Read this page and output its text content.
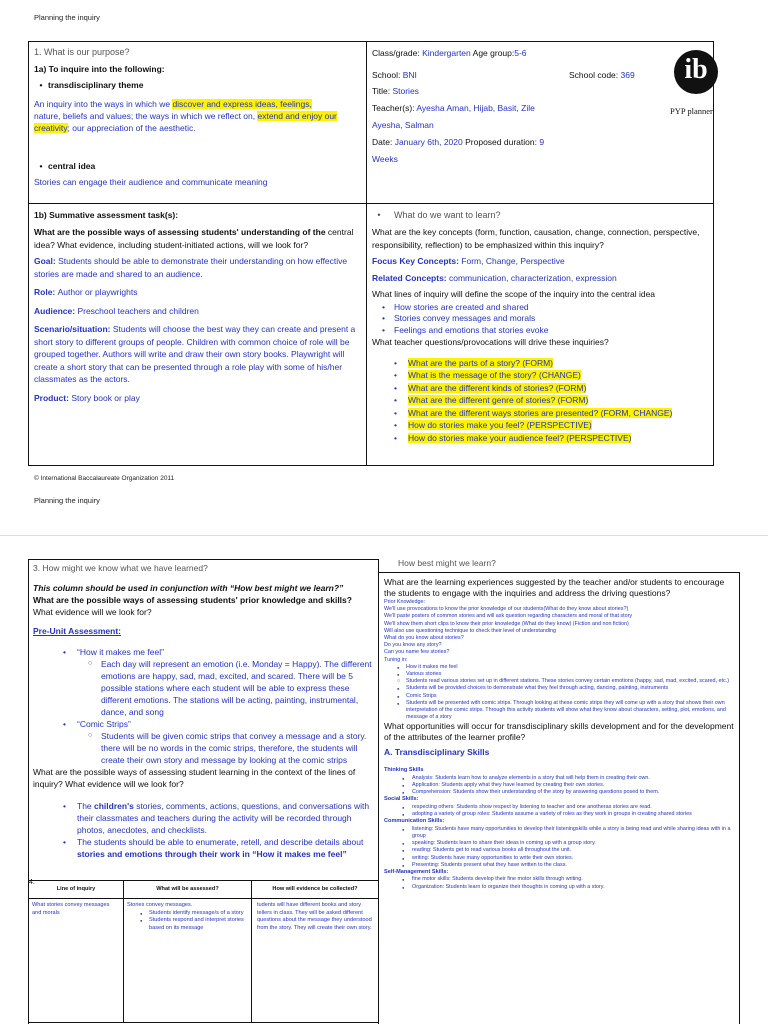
Planning the inquiry
1. What is our purpose?
1a) To inquire into the following:
• transdisciplinary theme
An inquiry into the ways in which we discover and express ideas, feelings,
nature, beliefs and values; the ways in which we reflect on, extend and enjoy our
creativity; our appreciation of the aesthetic.
• central idea
Stories can engage their audience and communicate meaning
Class/grade: Kindergarten Age group:5-6
School: BNI	School code: 369
Title: Stories
Teacher(s): Ayesha Aman, Hijab, Basit, Zile
Ayesha, Salman
Date: January 6th, 2020 Proposed duration: 9
Weeks
ib
PYP planner
1b) Summative assessment task(s):
What are the possible ways of assessing students' understanding of the central
idea? What evidence, including student-initiated actions, will we look for?
Goal: Students should be able to demonstrate their understanding on how effective stories are made and shared to an audience.
Role: Author or playwrights
Audience: Preschool teachers and children
Scenario/situation: Students will choose the best way they can create and present a short story to different groups of people. Children with common choice of role will be grouped together. Authors will write and draw their own story books. Playwright will create a short story that can be presented through a role play with some of his/her classmates as the actors.
Product: Story book or play
•	What do we want to learn?
What are the key concepts (form, function, causation, change, connection, perspective, responsibility, reflection) to be emphasized within this inquiry?
Focus Key Concepts: Form, Change, Perspective
Related Concepts: communication, characterization, expression
What lines of inquiry will define the scope of the inquiry into the central idea
• How stories are created and shared
• Stories convey messages and morals
• Feelings and emotions that stories evoke
What teacher questions/provocations will drive these inquiries?
• What are the parts of a story? (FORM)
• What is the message of the story? (CHANGE)
• What are the different kinds of stories? (FORM)
• What are the different genre of stories? (FORM)
• What are the different ways stories are presented? (FORM, CHANGE)
• How do stories make you feel? (PERSPECTIVE)
• How do stories make your audience feel? (PERSPECTIVE)
© International Baccalaureate Organization 2011
Planning the inquiry
3. How might we know what we have learned?
This column should be used in conjunction with “How best might we learn?”
What are the possible ways of assessing students' prior knowledge and skills?
What evidence will we look for?
Pre-Unit Assessment:
• “How it makes me feel”
○ Each day will represent an emotion (i.e. Monday = Happy). The different emotions are happy, sad, mad, excited, and scared. There will be 5 possible stations where each student will be able to express these different emotions. The stations will be acting, painting, instrumental, dance, and song
• “Comic Strips”
○ Students will be given comic strips that convey a message and a story. there will be no words in the comic strips, therefore, the students will create their own story and message by looking at the comic strips
What are the possible ways of assessing student learning in the context of the lines of inquiry? What evidence will we look for?
• The children's stories, comments, actions, questions, and conversations with their classmates and teachers during the activity will be recorded through photos, anecdotes, and checklists.
• The students should be able to enumerate, retell, and describe details about
stories and emotions through their work in “How it makes me feel”
4.
Line of inquiry	What will be assessed?	How will evidence be collected?
What stories convey messages and morals	Stories convey messages.
● Students identify message/s of a story
● Students respond and interpret stories based on its message	tudents will have different books and story tellers in class. They will be asked different questions about the message they understood from the story. They will create their own story.
How best might we learn?
What are the learning experiences suggested by the teacher and/or students to encourage the students to engage with the inquiries and address the driving questions?
Prior Knowledge:
We'll use provocations to know the prior knowledge of our students(What do they know about stories?)
We'll paste posters of common stories and will ask question regarding characters and moral of that story
We'll show them short clips to know their prior knowledge (What do they know) (Fiction and non fiction)
Will also use questioning technique to check their level of understanding
What do you know about stories?
Do you know any story?
Can you name few stories?
Tuning in:
● How it makes me feel
● Various stories
○ Students read various stories set up in different stations. These stories convey certain emotions (happy, sad, mad, excited, scared, etc.)
● Students will be provided choices to demonstrate what they feel through acting, dancing, painting, instruments
● Comic Strips
● Students will be presented with comic strips. Through looking at these comic strips they will come up with a story that shows their own interpretation of the comic strips. Through this activity students will show what they know about characters, setting, plot, emotions, and message of a story
What opportunities will occur for transdisciplinary skills development and for the development of the attributes of the learner profile?
A. Transdisciplinary Skills
Thinking Skills
● Analysis: Students learn how to analyze elements in a story that will help them in creating their own.
● Application: Students apply what they have learned by creating their own stories.
● Comprehension: Students show their understanding of the story by answering questions posed to them.
Social Skills:
● respecting others: Students show respect by listening to teacher and one anotheras stories are read.
● adopting a variety of group roles: Students assume a variety of roles as they work in groups in creating shared stories
Communication Skills:
● listening: Students have many opportunities to develop their listeningskills while a story is being read and while sharing ideas with in a group
● speaking: Students learn to share their ideas in coming up with a group story.
● reading: Students get to read various books all throughout the unit.
● writing: Students have many opportunities to write their own stories.
● Presenting: Students present what they have written to the class.
Self-Management Skills:
● fine motor skills: Students develop their fine motor skills through writing.
● Organization: Students learn to organize their thoughts in coming up with a story.
